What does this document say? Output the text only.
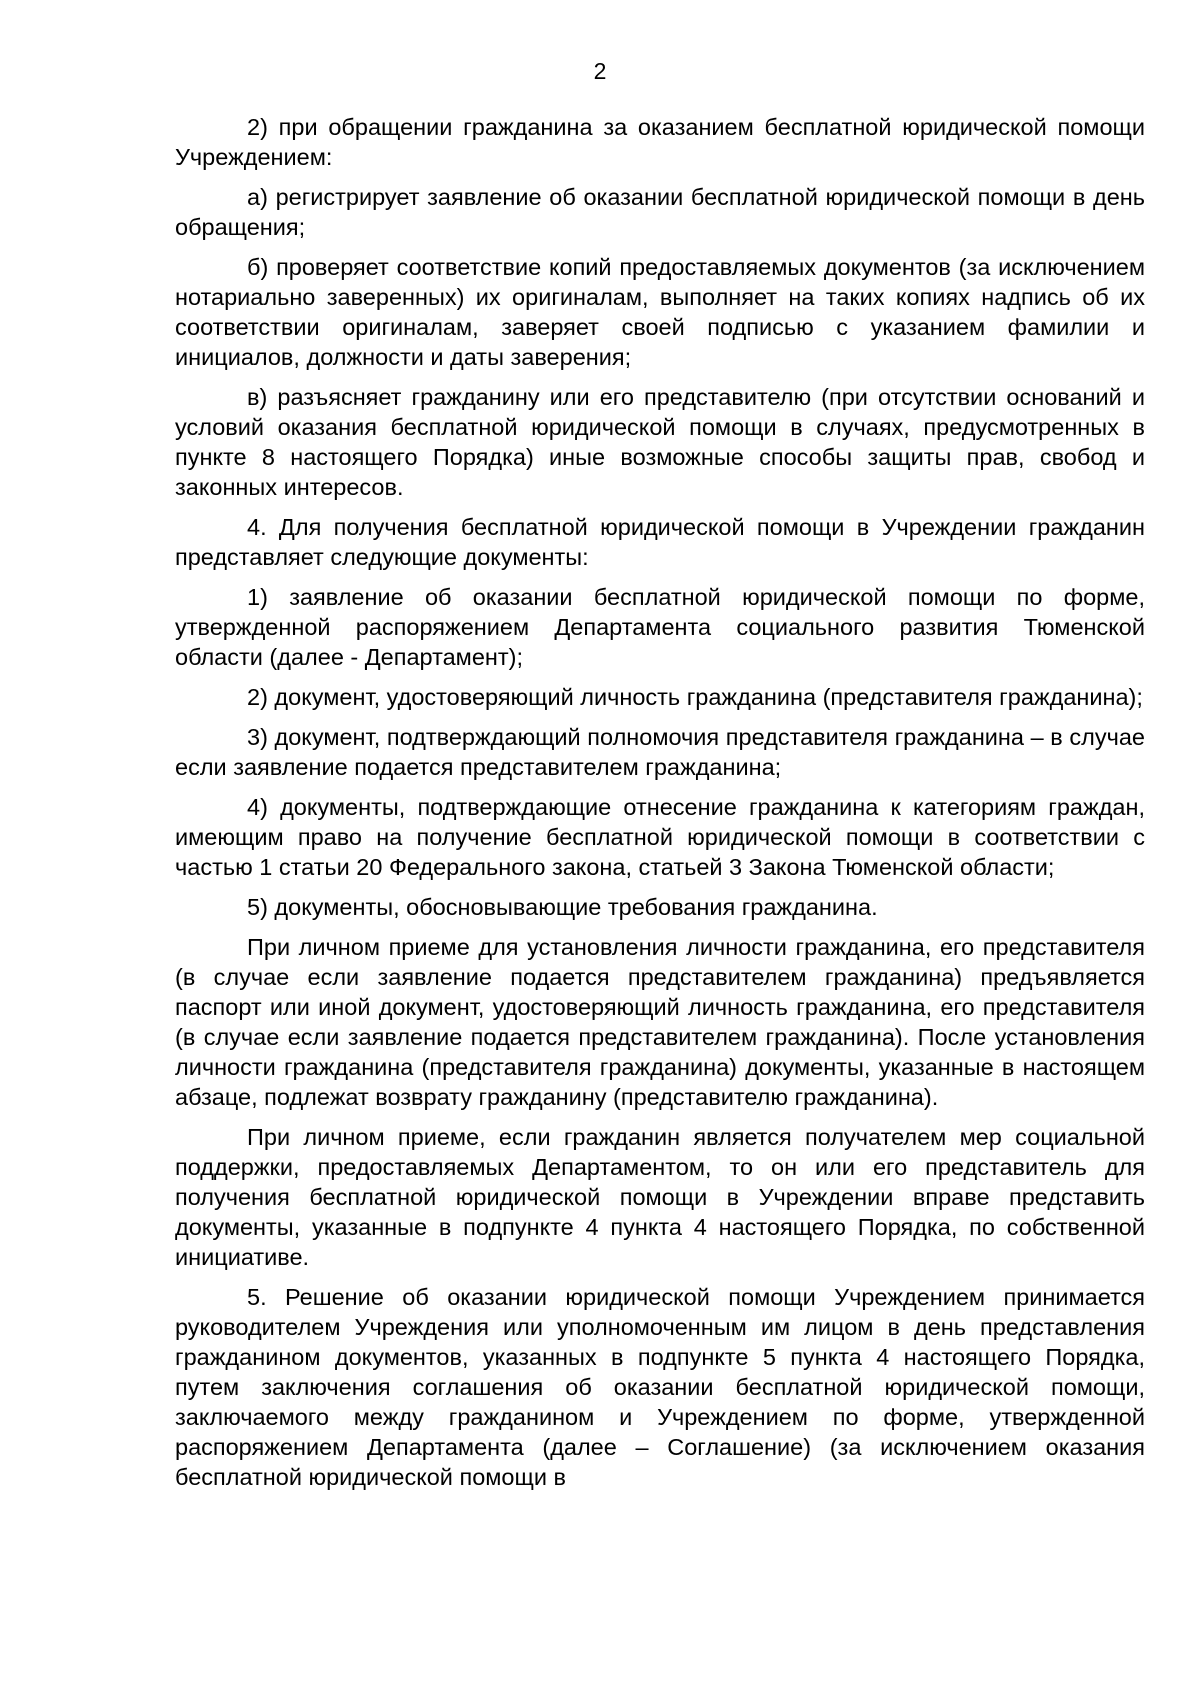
2

2) при обращении гражданина за оказанием бесплатной юридической помощи Учреждением:

а) регистрирует заявление об оказании бесплатной юридической помощи в день обращения;

б) проверяет соответствие копий предоставляемых документов (за исключением нотариально заверенных) их оригиналам, выполняет на таких копиях надпись об их соответствии оригиналам, заверяет своей подписью с указанием фамилии и инициалов, должности и даты заверения;

в) разъясняет гражданину или его представителю (при отсутствии оснований и условий оказания бесплатной юридической помощи в случаях, предусмотренных в пункте 8 настоящего Порядка) иные возможные способы защиты прав, свобод и законных интересов.

4. Для получения бесплатной юридической помощи в Учреждении гражданин представляет следующие документы:

1) заявление об оказании бесплатной юридической помощи по форме, утвержденной распоряжением Департамента социального развития Тюменской области (далее - Департамент);

2) документ, удостоверяющий личность гражданина (представителя гражданина);

3) документ, подтверждающий полномочия представителя гражданина – в случае если заявление подается представителем гражданина;

4) документы, подтверждающие отнесение гражданина к категориям граждан, имеющим право на получение бесплатной юридической помощи в соответствии с частью 1 статьи 20 Федерального закона, статьей 3 Закона Тюменской области;

5) документы, обосновывающие требования гражданина.

При личном приеме для установления личности гражданина, его представителя (в случае если заявление подается представителем гражданина) предъявляется паспорт или иной документ, удостоверяющий личность гражданина, его представителя (в случае если заявление подается представителем гражданина). После установления личности гражданина (представителя гражданина) документы, указанные в настоящем абзаце, подлежат возврату гражданину (представителю гражданина).

При личном приеме, если гражданин является получателем мер социальной поддержки, предоставляемых Департаментом, то он или его представитель для получения бесплатной юридической помощи в Учреждении вправе представить документы, указанные в подпункте 4 пункта 4 настоящего Порядка, по собственной инициативе.

5. Решение об оказании юридической помощи Учреждением принимается руководителем Учреждения или уполномоченным им лицом в день представления гражданином документов, указанных в подпункте 5 пункта 4 настоящего Порядка, путем заключения соглашения об оказании бесплатной юридической помощи, заключаемого между гражданином и Учреждением по форме, утвержденной распоряжением Департамента (далее – Соглашение) (за исключением оказания бесплатной юридической помощи в
